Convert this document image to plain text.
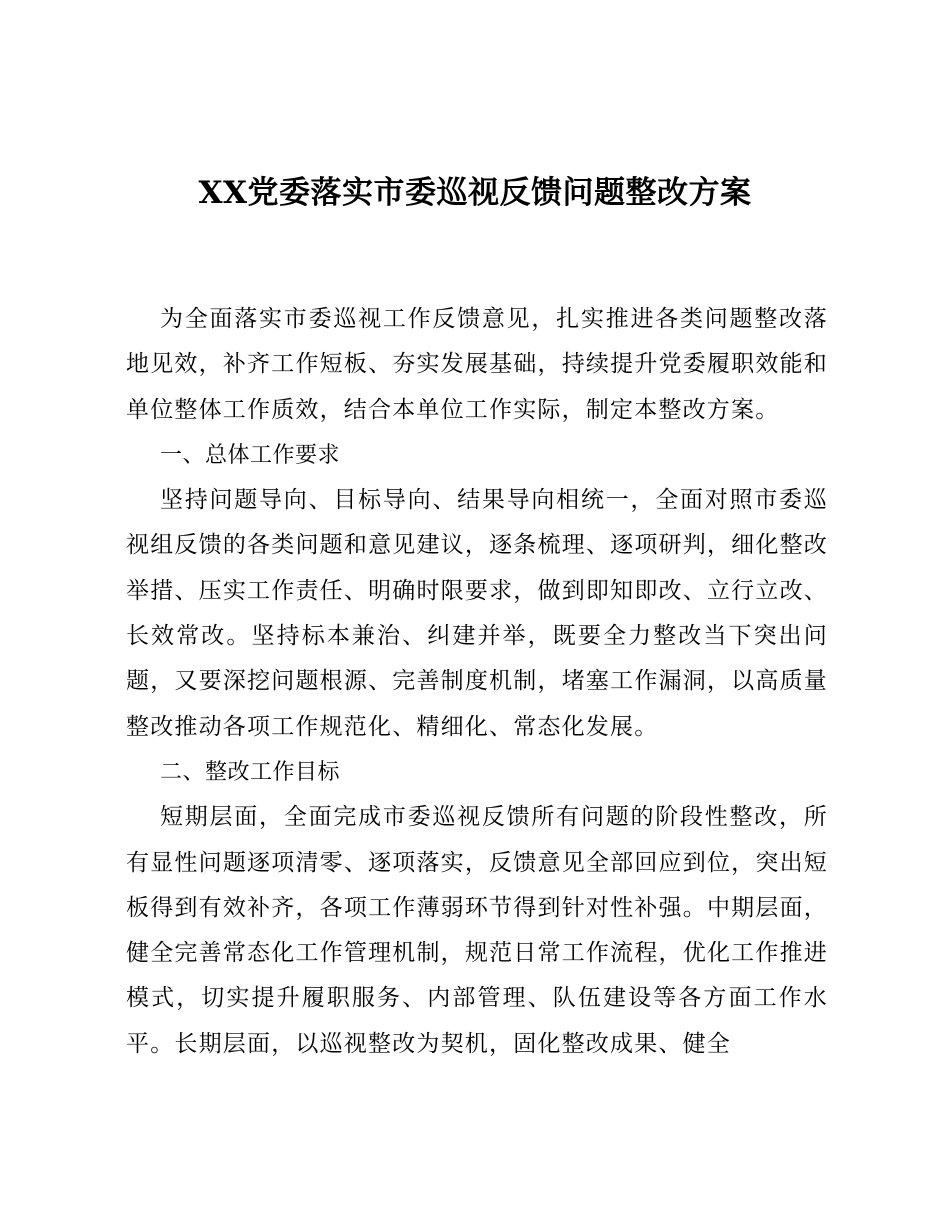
XX党委落实市委巡视反馈问题整改方案

为全面落实市委巡视工作反馈意见，扎实推进各类问题整改落地见效，补齐工作短板、夯实发展基础，持续提升党委履职效能和单位整体工作质效，结合本单位工作实际，制定本整改方案。

一、总体工作要求

坚持问题导向、目标导向、结果导向相统一，全面对照市委巡视组反馈的各类问题和意见建议，逐条梳理、逐项研判，细化整改举措、压实工作责任、明确时限要求，做到即知即改、立行立改、长效常改。坚持标本兼治、纠建并举，既要全力整改当下突出问题，又要深挖问题根源、完善制度机制，堵塞工作漏洞，以高质量整改推动各项工作规范化、精细化、常态化发展。

二、整改工作目标

短期层面，全面完成市委巡视反馈所有问题的阶段性整改，所有显性问题逐项清零、逐项落实，反馈意见全部回应到位，突出短板得到有效补齐，各项工作薄弱环节得到针对性补强。中期层面，健全完善常态化工作管理机制，规范日常工作流程，优化工作推进模式，切实提升履职服务、内部管理、队伍建设等各方面工作水平。长期层面，以巡视整改为契机，固化整改成果、健全
